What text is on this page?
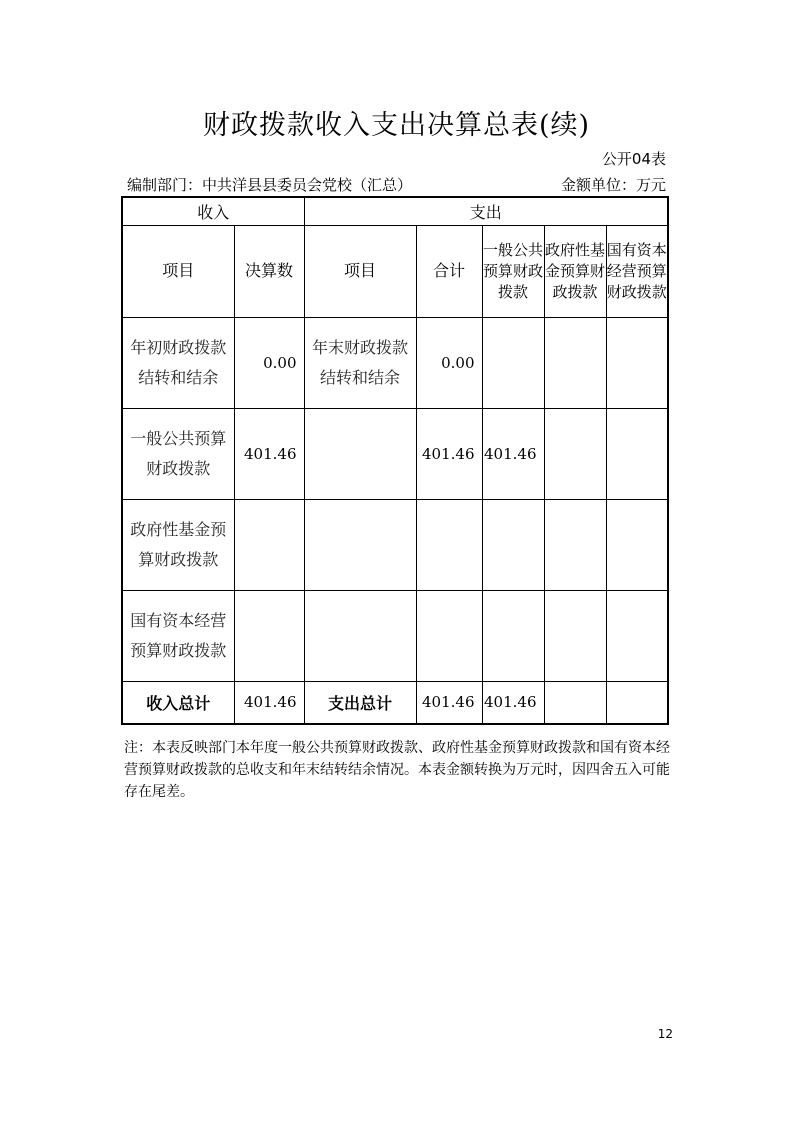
财政拨款收入支出决算总表(续)
公开04表
编制部门：中共洋县县委员会党校（汇总）	金额单位：万元
收入		支出				
项目	决算数	项目	合计	一般公共预算财政拨款	政府性基金预算财政拨款	国有资本经营预算财政拨款
年初财政拨款结转和结余	0.00	年末财政拨款结转和结余	0.00			
一般公共预算财政拨款	401.46		401.46	401.46		
政府性基金预算财政拨款						
国有资本经营预算财政拨款						
收入总计	401.46	支出总计	401.46	401.46		
注：本表反映部门本年度一般公共预算财政拨款、政府性基金预算财政拨款和国有资本经营预算财政拨款的总收支和年末结转结余情况。本表金额转换为万元时，因四舍五入可能存在尾差。
12
